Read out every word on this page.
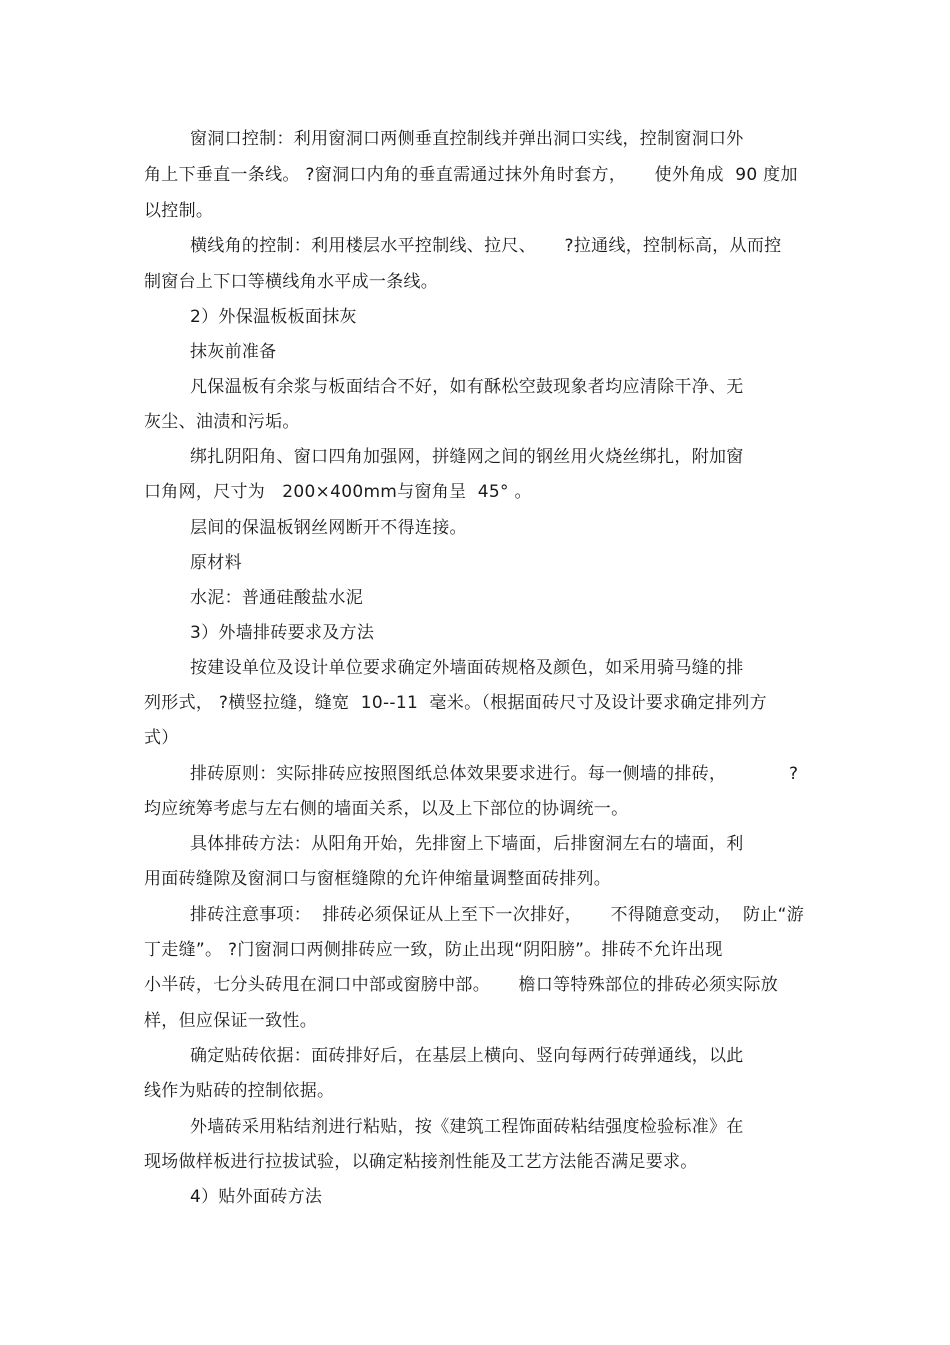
窗洞口控制：利用窗洞口两侧垂直控制线并弹出洞口实线，控制窗洞口外
角上下垂直一条线。 ?窗洞口内角的垂直需通过抹外角时套方，     使外角成  90 度加
以控制。
横线角的控制：利用楼层水平控制线、拉尺、     ?拉通线，控制标高，从而控
制窗台上下口等横线角水平成一条线。
2）外保温板板面抹灰
抹灰前准备
凡保温板有余浆与板面结合不好，如有酥松空鼓现象者均应清除干净、无
灰尘、油渍和污垢。
绑扎阴阳角、窗口四角加强网，拼缝网之间的钢丝用火烧丝绑扎，附加窗
口角网，尺寸为   200×400mm与窗角呈  45° 。
层间的保温板钢丝网断开不得连接。
原材料
水泥：普通硅酸盐水泥
3）外墙排砖要求及方法
按建设单位及设计单位要求确定外墙面砖规格及颜色，如采用骑马缝的排
列形式， ?横竖拉缝，缝宽  10--11  毫米。（根据面砖尺寸及设计要求确定排列方
式）
排砖原则：实际排砖应按照图纸总体效果要求进行。每一侧墙的排砖，           ?
均应统筹考虑与左右侧的墙面关系，以及上下部位的协调统一。
具体排砖方法：从阳角开始，先排窗上下墙面，后排窗洞左右的墙面，利
用面砖缝隙及窗洞口与窗框缝隙的允许伸缩量调整面砖排列。
排砖注意事项：  排砖必须保证从上至下一次排好，     不得随意变动，  防止“游
丁走缝”。 ?门窗洞口两侧排砖应一致，防止出现“阴阳膀”。排砖不允许出现
小半砖，七分头砖甩在洞口中部或窗膀中部。     檐口等特殊部位的排砖必须实际放
样，但应保证一致性。
确定贴砖依据：面砖排好后，在基层上横向、竖向每两行砖弹通线，以此
线作为贴砖的控制依据。
外墙砖采用粘结剂进行粘贴，按《建筑工程饰面砖粘结强度检验标准》在
现场做样板进行拉拔试验，以确定粘接剂性能及工艺方法能否满足要求。
4）贴外面砖方法
